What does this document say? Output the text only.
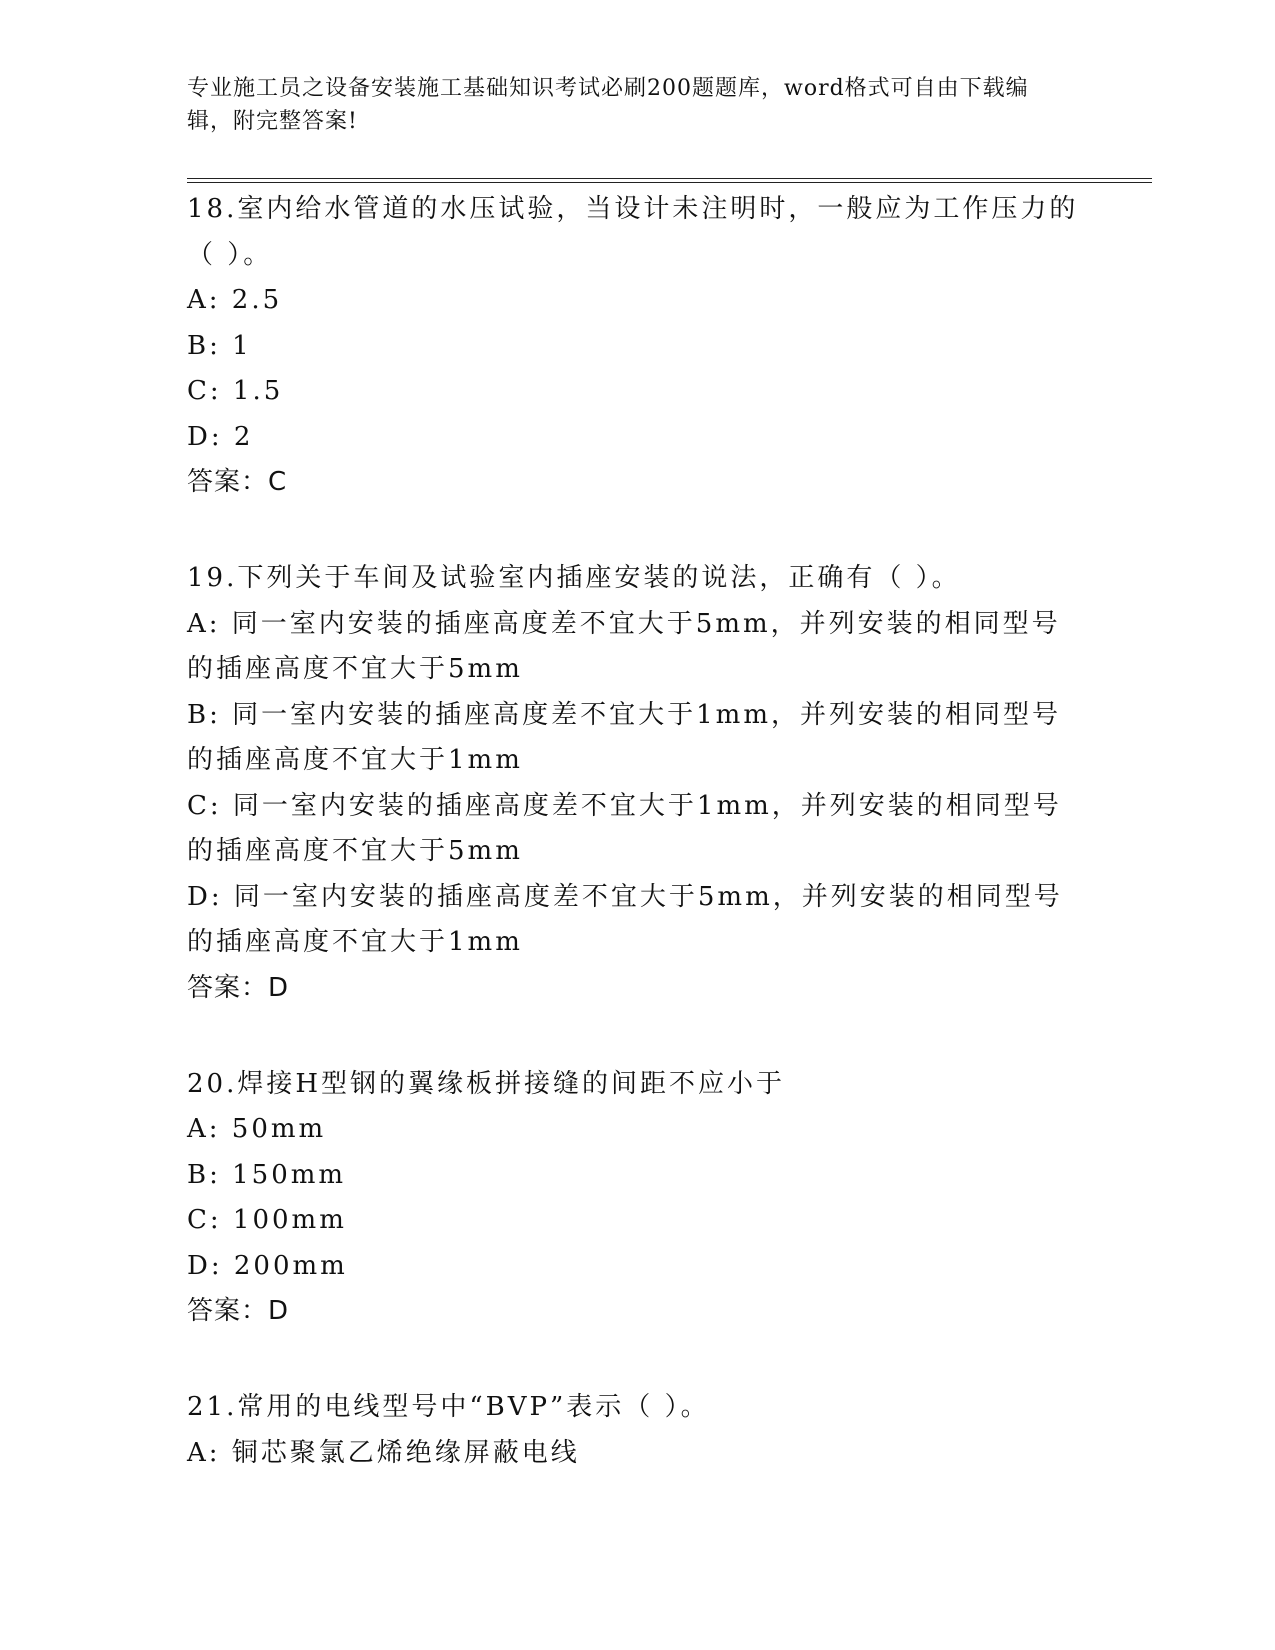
专业施工员之设备安装施工基础知识考试必刷200题题库，word格式可自由下载编辑，附完整答案!

18.室内给水管道的水压试验，当设计未注明时，一般应为工作压力的（ ）。

A: 2.5

B: 1

C: 1.5

D: 2

答案：C

19.下列关于车间及试验室内插座安装的说法，正确有（ ）。

A: 同一室内安装的插座高度差不宜大于5mm，并列安装的相同型号的插座高度不宜大于5mm

B: 同一室内安装的插座高度差不宜大于1mm，并列安装的相同型号的插座高度不宜大于1mm

C: 同一室内安装的插座高度差不宜大于1mm，并列安装的相同型号的插座高度不宜大于5mm

D: 同一室内安装的插座高度差不宜大于5mm，并列安装的相同型号的插座高度不宜大于1mm

答案：D

20.焊接H型钢的翼缘板拼接缝的间距不应小于

A: 50mm

B: 150mm

C: 100mm

D: 200mm

答案：D

21.常用的电线型号中“BVP”表示（ ）。

A: 铜芯聚氯乙烯绝缘屏蔽电线
